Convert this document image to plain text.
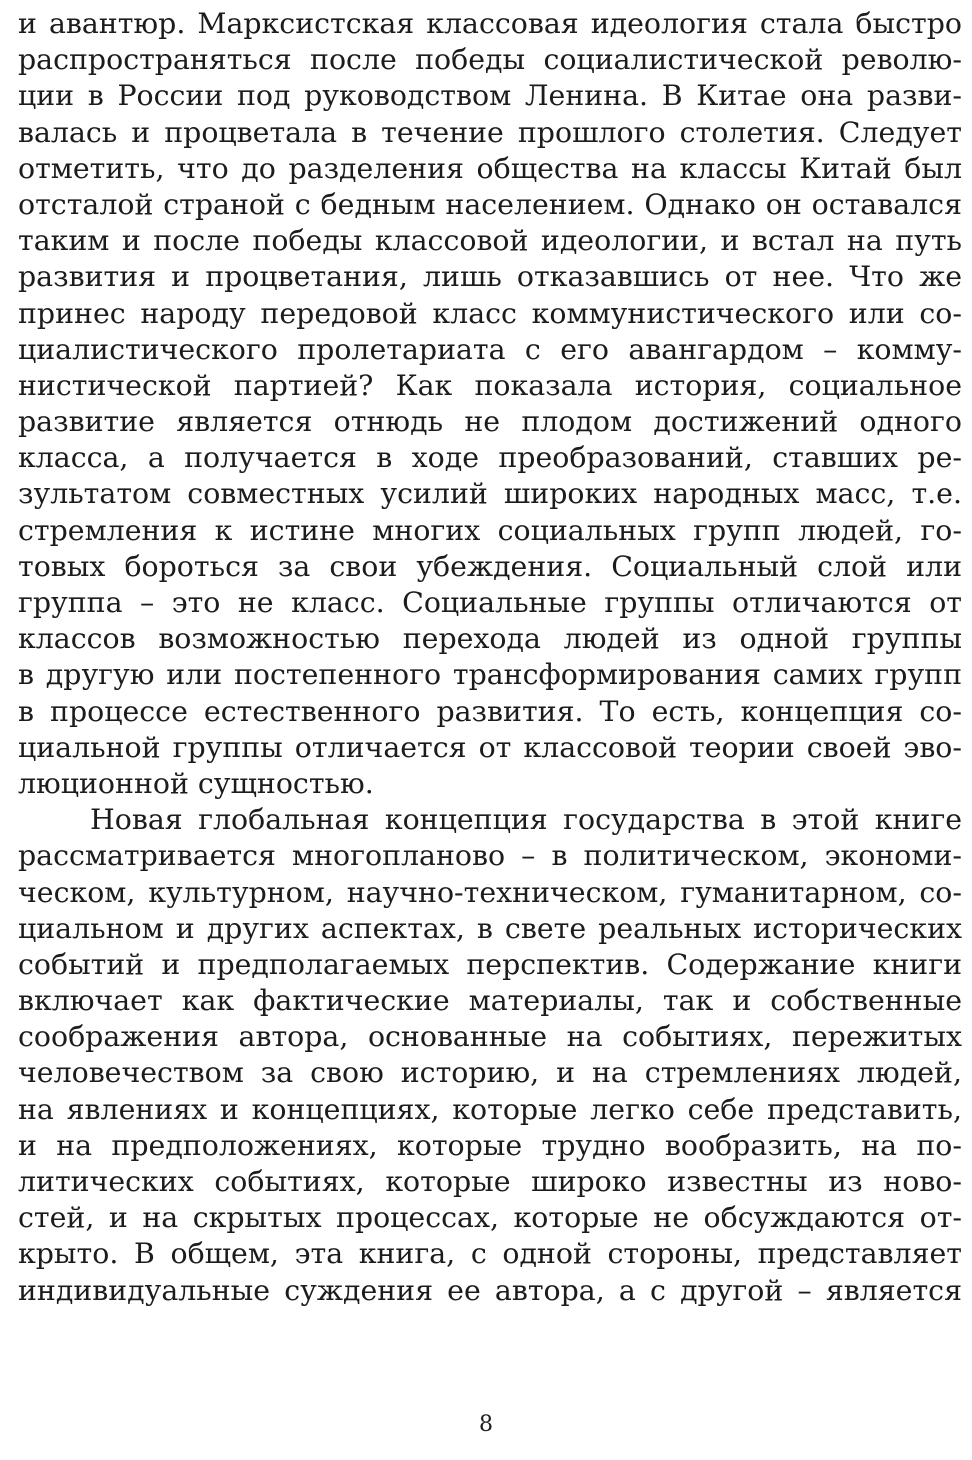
и авантюр. Марксистская классовая идеология стала быстро
распространяться после победы социалистической револю-
ции в России под руководством Ленина. В Китае она разви-
валась и процветала в течение прошлого столетия. Следует
отметить, что до разделения общества на классы Китай был
отсталой страной с бедным населением. Однако он оставался
таким и после победы классовой идеологии, и встал на путь
развития и процветания, лишь отказавшись от нее. Что же
принес народу передовой класс коммунистического или со-
циалистического пролетариата с его авангардом – комму-
нистической партией? Как показала история, социальное
развитие является отнюдь не плодом достижений одного
класса, а получается в ходе преобразований, ставших ре-
зультатом совместных усилий широких народных масс, т.е.
стремления к истине многих социальных групп людей, го-
товых бороться за свои убеждения. Социальный слой или
группа – это не класс. Социальные группы отличаются от
классов возможностью перехода людей из одной группы
в другую или постепенного трансформирования самих групп
в процессе естественного развития. То есть, концепция со-
циальной группы отличается от классовой теории своей эво-
люционной сущностью.

Новая глобальная концепция государства в этой книге
рассматривается многопланово – в политическом, экономи-
ческом, культурном, научно-техническом, гуманитарном, со-
циальном и других аспектах, в свете реальных исторических
событий и предполагаемых перспектив. Содержание книги
включает как фактические материалы, так и собственные
соображения автора, основанные на событиях, пережитых
человечеством за свою историю, и на стремлениях людей,
на явлениях и концепциях, которые легко себе представить,
и на предположениях, которые трудно вообразить, на по-
литических событиях, которые широко известны из ново-
стей, и на скрытых процессах, которые не обсуждаются от-
крыто. В общем, эта книга, с одной стороны, представляет
индивидуальные суждения ее автора, а с другой – является

8
